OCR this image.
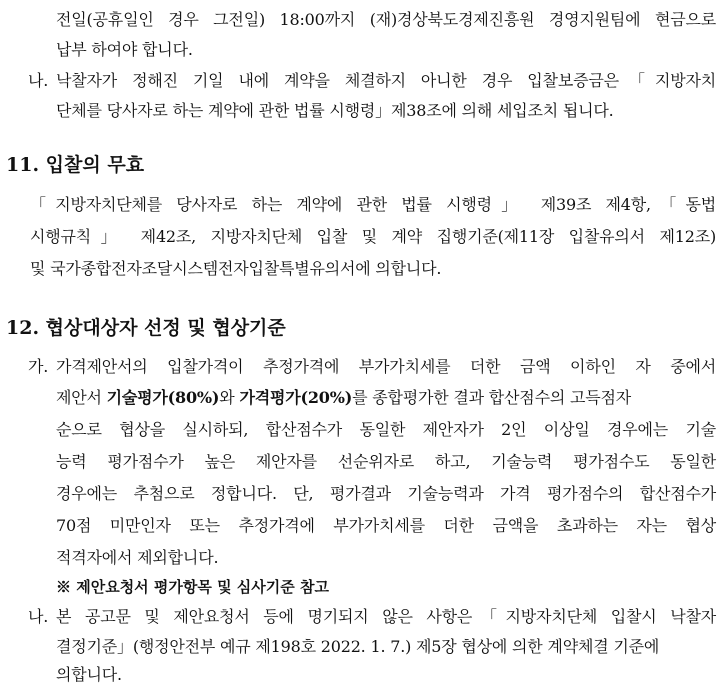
전일(공휴일인 경우 그전일) 18:00까지 (재)경상북도경제진흥원 경영지원팀에 현금으로
납부 하여야 합니다.
나. 낙찰자가 정해진 기일 내에 계약을 체결하지 아니한 경우 입찰보증금은「지방자치
단체를 당사자로 하는 계약에 관한 법률 시행령」제38조에 의해 세입조치 됩니다.
11. 입찰의 무효
「지방자치단체를 당사자로 하는 계약에 관한 법률 시행령」 제39조 제4항,「동법
시행규칙」 제42조, 지방자치단체 입찰 및 계약 집행기준(제11장 입찰유의서 제12조)
및 국가종합전자조달시스템전자입찰특별유의서에 의합니다.
12. 협상대상자 선정 및 협상기준
가. 가격제안서의 입찰가격이 추정가격에 부가가치세를 더한 금액 이하인 자 중에서
제안서 기술평가(80%)와 가격평가(20%)를 종합평가한 결과 합산점수의 고득점자
순으로 협상을 실시하되, 합산점수가 동일한 제안자가 2인 이상일 경우에는 기술
능력 평가점수가 높은 제안자를 선순위자로 하고, 기술능력 평가점수도 동일한
경우에는 추첨으로 정합니다. 단, 평가결과 기술능력과 가격 평가점수의 합산점수가
70점 미만인자 또는 추정가격에 부가가치세를 더한 금액을 초과하는 자는 협상
적격자에서 제외합니다.
※ 제안요청서 평가항목 및 심사기준 참고
나. 본 공고문 및 제안요청서 등에 명기되지 않은 사항은「지방자치단체 입찰시 낙찰자
결정기준」(행정안전부 예규 제198호 2022. 1. 7.) 제5장 협상에 의한 계약체결 기준에
의합니다.
